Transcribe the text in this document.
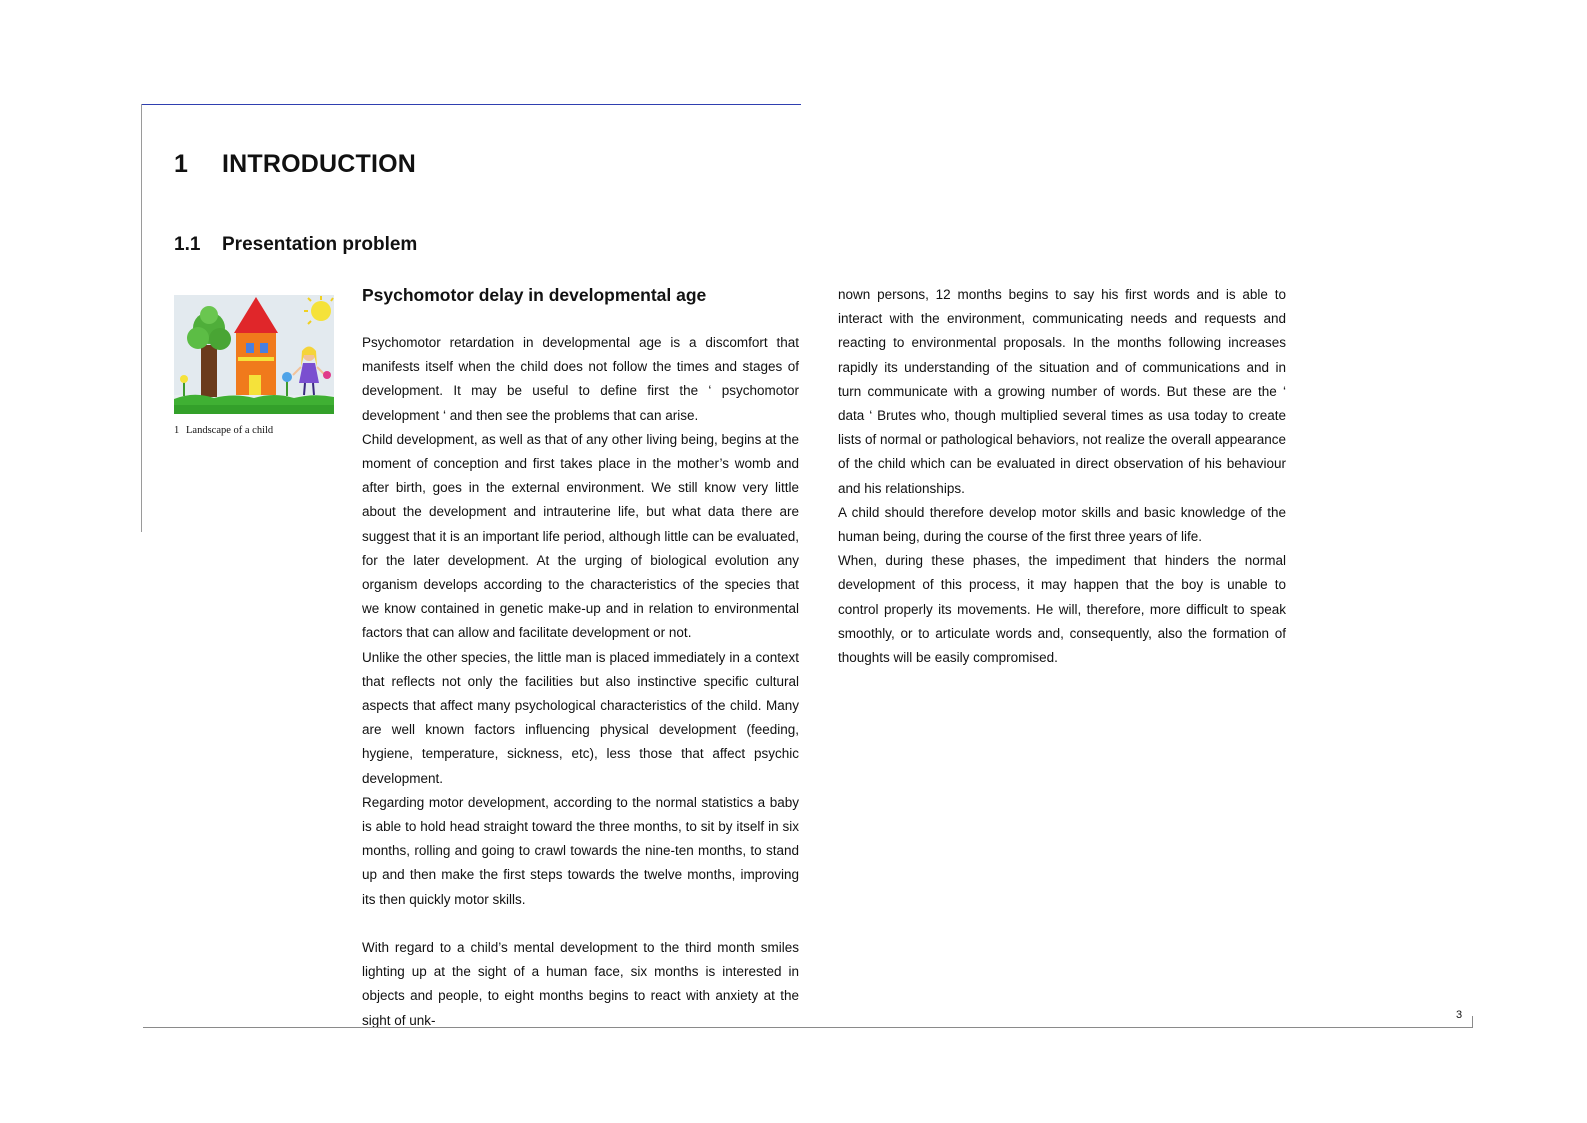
1 INTRODUCTION
1.1 Presentation problem
1 Landscape of a child

Psychomotor delay in developmental age

Psychomotor retardation in developmental age is a discomfort that manifests itself when the child does not follow the times and stages of development. It may be useful to define first the ‘ psychomotor development ‘ and then see the problems that can arise.

Child development, as well as that of any other living being, begins at the moment of conception and first takes place in the mother’s womb and after birth, goes in the external environment. We still know very little about the development and intrauterine life, but what data there are suggest that it is an important life period, although little can be evaluated, for the later development. At the urging of biological evolution any organism develops according to the characteristics of the species that we know contained in genetic make-up and in relation to environmental factors that can allow and facilitate development or not.

Unlike the other species, the little man is placed immediately in a context that reflects not only the facilities but also instinctive specific cultural aspects that affect many psychological characteristics of the child. Many are well known factors influencing physical development (feeding, hygiene, temperature, sickness, etc), less those that affect psychic development.

Regarding motor development, according to the normal statistics a baby is able to hold head straight toward the three months, to sit by itself in six months, rolling and going to crawl towards the nine-ten months, to stand up and then make the first steps towards the twelve months, improving its then quickly motor skills.

With regard to a child’s mental development to the third month smiles lighting up at the sight of a human face, six months is interested in objects and people, to eight months begins to react with anxiety at the sight of unk-

nown persons, 12 months begins to say his first words and is able to interact with the environment, communicating needs and requests and reacting to environmental proposals. In the months following increases rapidly its understanding of the situation and of communications and in turn communicate with a growing number of words. But these are the ‘ data ‘ Brutes who, though multiplied several times as usa today to create lists of normal or pathological behaviors, not realize the overall appearance of the child which can be evaluated in direct observation of his behaviour and his relationships.

A child should therefore develop motor skills and basic knowledge of the human being, during the course of the first three years of life.

When, during these phases, the impediment that hinders the normal development of this process, it may happen that the boy is unable to control properly its movements. He will, therefore, more difficult to speak smoothly, or to articulate words and, consequently, also the formation of thoughts will be easily compromised.

3
